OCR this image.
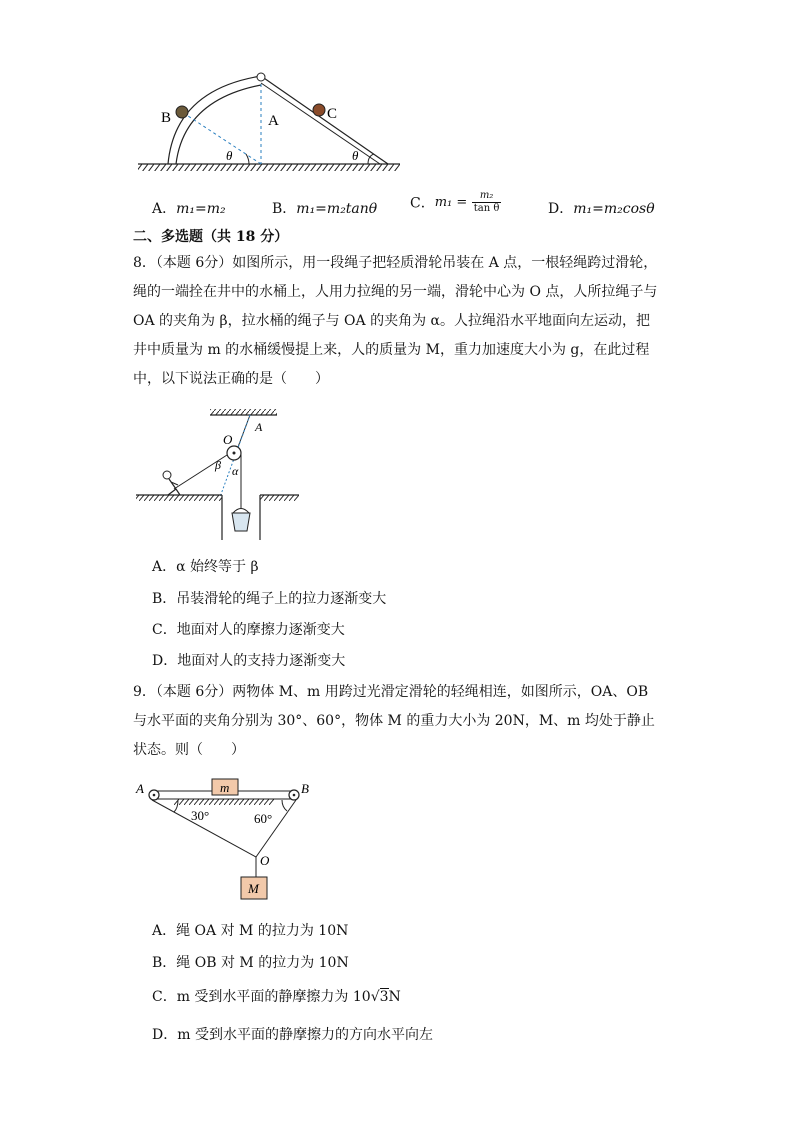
B	A	C
θ	θ
A．m₁=m₂	B．m₁=m₂tanθ C．$m_1 = \frac{\text{m₂}}{\text{tan θ}}$	D．m₁=m₂cosθ
二、多选题（共 18 分）
8．（本题 6分）如图所示，用一段绳子把轻质滑轮吊装在 A 点，一根轻绳跨过滑轮，绳的一端拴在井中的水桶上，人用力拉绳的另一端，滑轮中心为 O 点，人所拉绳子与 OA 的夹角为 β，拉水桶的绳子与 OA 的夹角为 α。人拉绳沿水平地面向左运动，把井中质量为 m 的水桶缓慢提上来，人的质量为 M，重力加速度大小为 g，在此过程中，以下说法正确的是（　　）
O
A
β α
A．α 始终等于 β
B．吊装滑轮的绳子上的拉力逐渐变大
C．地面对人的摩擦力逐渐变大
D．地面对人的支持力逐渐变大
9．（本题 6分）两物体 M、m 用跨过光滑定滑轮的轻绳相连，如图所示，OA、OB 与水平面的夹角分别为 30°、60°，物体 M 的重力大小为 20N，M、m 均处于静止状态。则（　　）
A	B
m
30°	60°
O
M
A．绳 OA 对 M 的拉力为 10N
B．绳 OB 对 M 的拉力为 10N
C．m 受到水平面的静摩擦力为 10√3N
D．m 受到水平面的静摩擦力的方向水平向左
